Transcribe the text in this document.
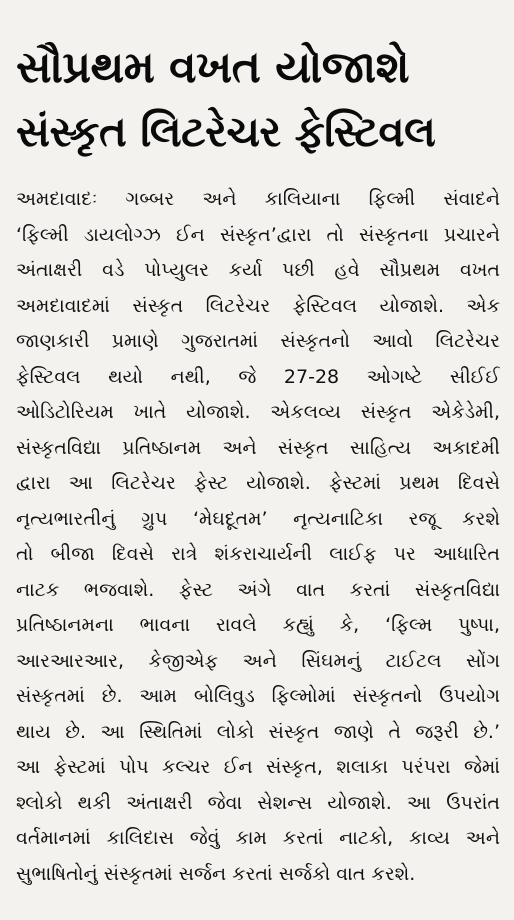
સૌપ્રથમ વખત યોજાશે
સંસ્કૃત લિટરેચર ફેસ્ટિવલ
અમદાવાદઃ ગબ્બર અને કાલિયાના ફિલ્મી સંવાદને
‘ફિલ્મી ડાયલોગ્ઝ ઈન સંસ્કૃત’દ્વારા તો સંસ્કૃતના પ્રચારને
અંતાક્ષરી વડે પોપ્યુલર કર્યા પછી હવે સૌપ્રથમ વખત
અમદાવાદમાં સંસ્કૃત લિટરેચર ફેસ્ટિવલ યોજાશે. એક
જાણકારી પ્રમાણે ગુજરાતમાં સંસ્કૃતનો આવો લિટરેચર
ફેસ્ટિવલ થયો નથી, જે 27-28 ઓગષ્ટે સીઈઈ
ઓડિટોરિયમ ખાતે યોજાશે. એકલવ્ય સંસ્કૃત એકેડેમી,
સંસ્કૃતવિદ્યા પ્રતિષ્ઠાનમ અને સંસ્કૃત સાહિત્ય અકાદમી
દ્વારા આ લિટરેચર ફેસ્ટ યોજાશે. ફેસ્ટમાં પ્રથમ દિવસે
નૃત્યભારતીનું ગ્રુપ ‘મેઘદૂતમ’ નૃત્યનાટિકા રજૂ કરશે
તો બીજા દિવસે રાત્રે શંકરાચાર્યની લાઈફ પર આધારિત
નાટક ભજવાશે. ફેસ્ટ અંગે વાત કરતાં સંસ્કૃતવિદ્યા
પ્રતિષ્ઠાનમના ભાવના રાવલે કહ્યું કે, ‘ફિલ્મ પુષ્પા,
આરઆરઆર, કેજીએફ અને સિંઘમનું ટાઈટલ સોંગ
સંસ્કૃતમાં છે. આમ બોલિવુડ ફિલ્મોમાં સંસ્કૃતનો ઉપયોગ
થાય છે. આ સ્થિતિમાં લોકો સંસ્કૃત જાણે તે જરૂરી છે.’
આ ફેસ્ટમાં પોપ કલ્ચર ઈન સંસ્કૃત, શલાકા પરંપરા જેમાં
શ્લોકો થકી અંતાક્ષરી જેવા સેશન્સ યોજાશે. આ ઉપરાંત
વર્તમાનમાં કાલિદાસ જેવું કામ કરતાં નાટકો, કાવ્ય અને
સુભાષિતોનું સંસ્કૃતમાં સર્જન કરતાં સર્જકો વાત કરશે.
